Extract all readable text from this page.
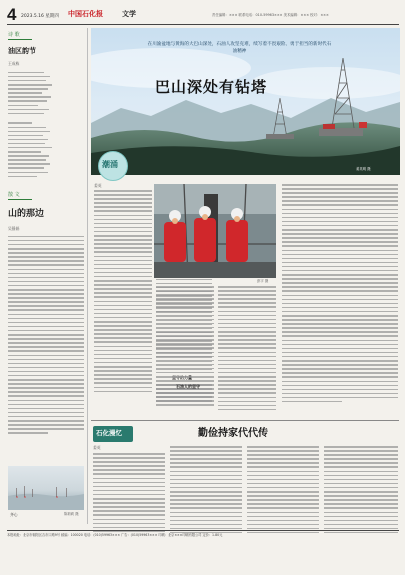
4 2023.5.16 星期四 中国石化报	文学	责任编辑：××× 联系电话：010-59963××× 美术编辑：××× 校对：×××
诗 歌
油区韵节
王成栋
散 文
山的那边
吴静娟
齐心	陈莉莉 摄
在川渝盆地与黄海的大巴山深处，石油人攻坚克难，续写着不畏艰险、勇于担当的新时代石油精神
巴山深处有钻塔
姜英明 摄
潮涌
姜英
彭宇 摄
石油人的坚守
石化漫忆	勤俭持家代代传
姜英
本报地址：北京市朝阳区吉市口路9号 邮编：100020 电话：(010)59963××× 广告：(010)59963××× 印刷：北京×××印刷有限公司 定价：1.80元
